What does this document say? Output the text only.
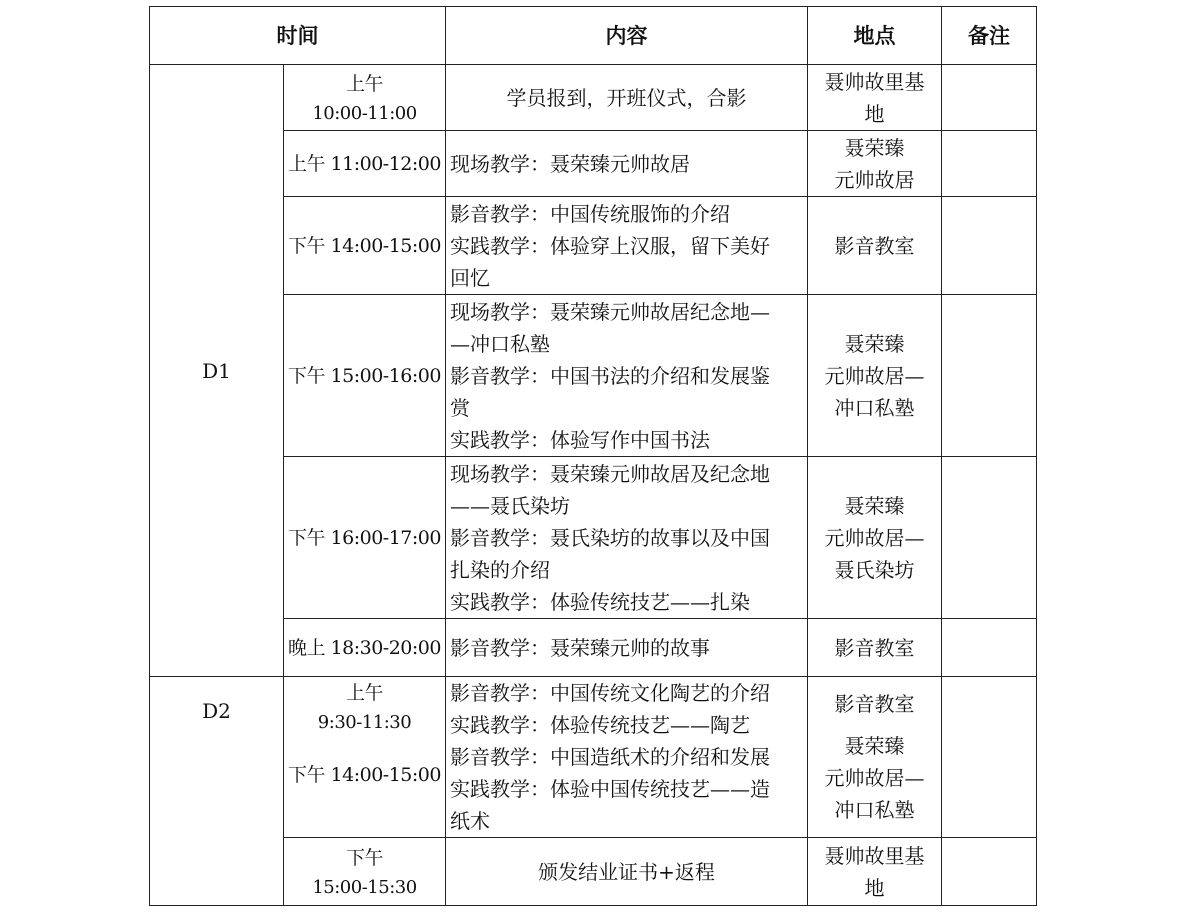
时间		内容	地点	备注
D1	上午
10:00-11:00	学员报到，开班仪式，合影	聂帅故里基
地	

	上午 11:00-12:00	现场教学：聂荣臻元帅故居	聂荣臻
元帅故居	

	下午 14:00-15:00	影音教学：中国传统服饰的介绍
实践教学：体验穿上汉服，留下美好
回忆	影音教室	

	下午 15:00-16:00	现场教学：聂荣臻元帅故居纪念地—
—冲口私塾
影音教学：中国书法的介绍和发展鉴
赏
实践教学：体验写作中国书法	聂荣臻
元帅故居—
冲口私塾	

	下午 16:00-17:00	现场教学：聂荣臻元帅故居及纪念地
——聂氏染坊
影音教学：聂氏染坊的故事以及中国
扎染的介绍
实践教学：体验传统技艺——扎染	聂荣臻
元帅故居—
聂氏染坊	

	晚上 18:30-20:00	影音教学：聂荣臻元帅的故事	影音教室	

D2	上午
9:30-11:30
下午 14:00-15:00	影音教学：中国传统文化陶艺的介绍
实践教学：体验传统技艺——陶艺
影音教学：中国造纸术的介绍和发展
实践教学：体验中国传统技艺——造
纸术	影音教室
聂荣臻
元帅故居—
冲口私塾	

	下午
15:00-15:30	颁发结业证书+返程	聂帅故里基
地	
